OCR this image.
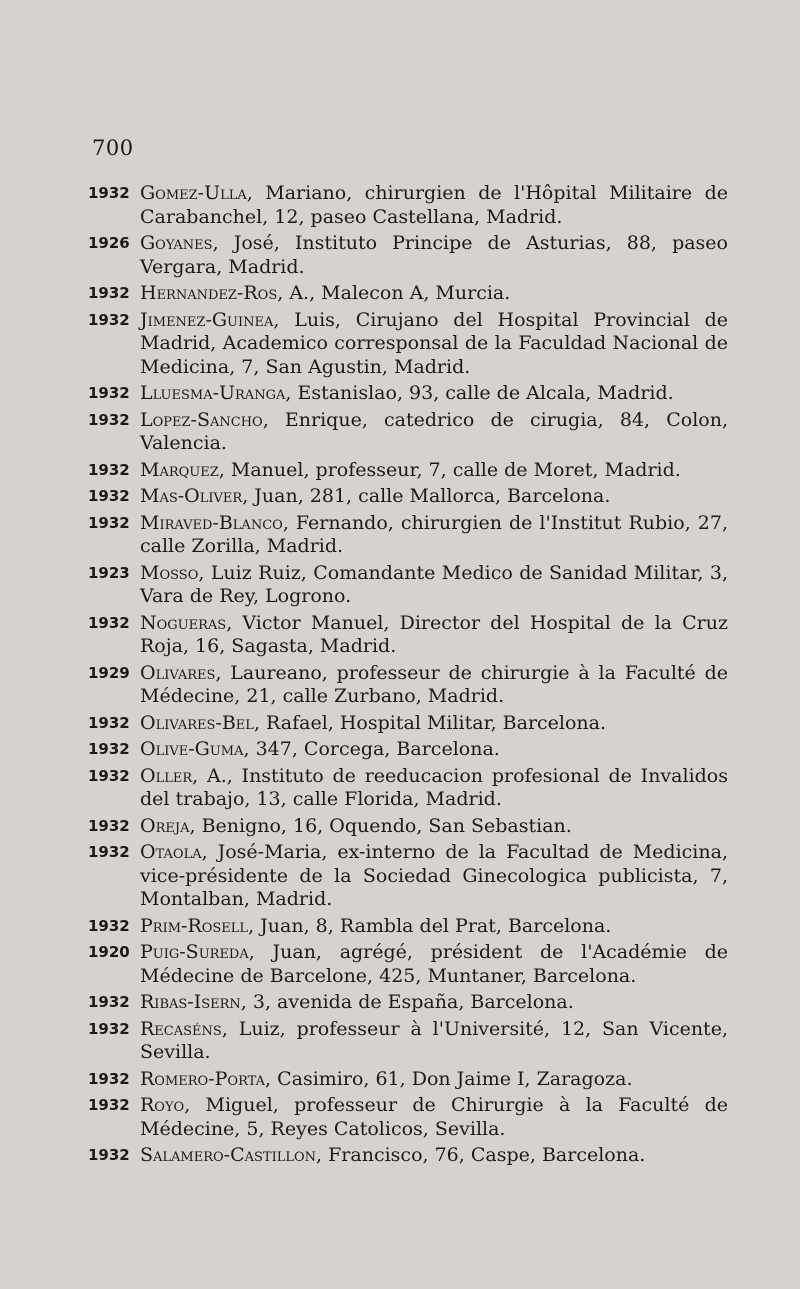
700
1932 Gomez-Ulla, Mariano, chirurgien de l'Hôpital Militaire de Carabanchel, 12, paseo Castellana, Madrid.
1926 Goyanes, José, Instituto Principe de Asturias, 88, paseo Vergara, Madrid.
1932 Hernandez-Ros, A., Malecon A, Murcia.
1932 Jimenez-Guinea, Luis, Cirujano del Hospital Provincial de Madrid, Academico corresponsal de la Faculdad Nacional de Medicina, 7, San Agustin, Madrid.
1932 Lluesma-Uranga, Estanislao, 93, calle de Alcala, Madrid.
1932 Lopez-Sancho, Enrique, catedrico de cirugia, 84, Colon, Valencia.
1932 Marquez, Manuel, professeur, 7, calle de Moret, Madrid.
1932 Mas-Oliver, Juan, 281, calle Mallorca, Barcelona.
1932 Miraved-Blanco, Fernando, chirurgien de l'Institut Rubio, 27, calle Zorilla, Madrid.
1923 Mosso, Luiz Ruiz, Comandante Medico de Sanidad Militar, 3, Vara de Rey, Logrono.
1932 Nogueras, Victor Manuel, Director del Hospital de la Cruz Roja, 16, Sagasta, Madrid.
1929 Olivares, Laureano, professeur de chirurgie à la Faculté de Médecine, 21, calle Zurbano, Madrid.
1932 Olivares-Bel, Rafael, Hospital Militar, Barcelona.
1932 Olive-Guma, 347, Corcega, Barcelona.
1932 Oller, A., Instituto de reeducacion profesional de Invalidos del trabajo, 13, calle Florida, Madrid.
1932 Oreja, Benigno, 16, Oquendo, San Sebastian.
1932 Otaola, José-Maria, ex-interno de la Facultad de Medicina, vice-présidente de la Sociedad Ginecologica publicista, 7, Montalban, Madrid.
1932 Prim-Rosell, Juan, 8, Rambla del Prat, Barcelona.
1920 Puig-Sureda, Juan, agrégé, président de l'Académie de Médecine de Barcelone, 425, Muntaner, Barcelona.
1932 Ribas-Isern, 3, avenida de España, Barcelona.
1932 Recaséns, Luiz, professeur à l'Université, 12, San Vicente, Sevilla.
1932 Romero-Porta, Casimiro, 61, Don Jaime I, Zaragoza.
1932 Royo, Miguel, professeur de Chirurgie à la Faculté de Médecine, 5, Reyes Catolicos, Sevilla.
1932 Salamero-Castillon, Francisco, 76, Caspe, Barcelona.
